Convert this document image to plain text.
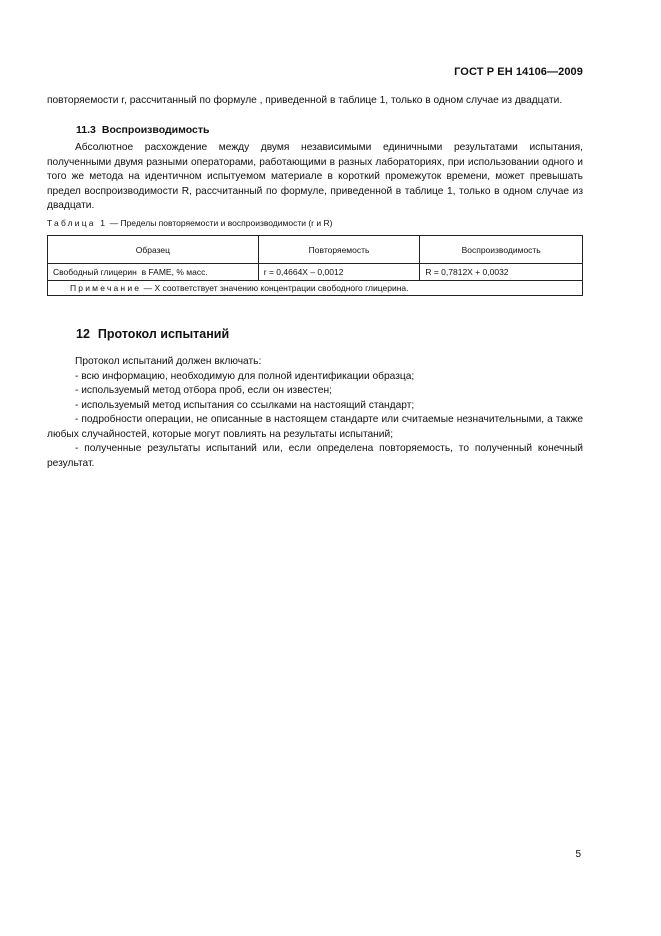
ГОСТ Р ЕН 14106—2009
повторяемости r, рассчитанный по формуле , приведенной в таблице 1, только в одном случае из двадцати.
11.3 Воспроизводимость
Абсолютное расхождение между двумя независимыми единичными результатами испытания, полученными двумя разными операторами, работающими в разных лабораториях, при использовании одного и того же метода на идентичном испытуемом материале в короткий промежуток времени, может превышать предел воспроизводимости R, рассчитанный по формуле, приведенной в таблице 1, только в одном случае из двадцати.
Таблица 1 — Пределы повторяемости и воспроизводимости (r и R)
Образец	Повторяемость	Воспроизводимость
Свободный глицерин  в FAME, % масс.	r = 0,4664X – 0,0012	R = 0,7812X + 0,0032
Примечание — X соответствует значению концентрации свободного глицерина.		
12 Протокол испытаний
Протокол испытаний должен включать:
- всю информацию, необходимую для полной идентификации образца;
- используемый метод отбора проб, если он известен;
- используемый метод испытания со ссылками на настоящий стандарт;
- подробности операции, не описанные в настоящем стандарте или считаемые незначительными, а также любых случайностей, которые могут повлиять на результаты испытаний;
- полученные результаты испытаний или, если определена повторяемость, то полученный конечный результат.
5
